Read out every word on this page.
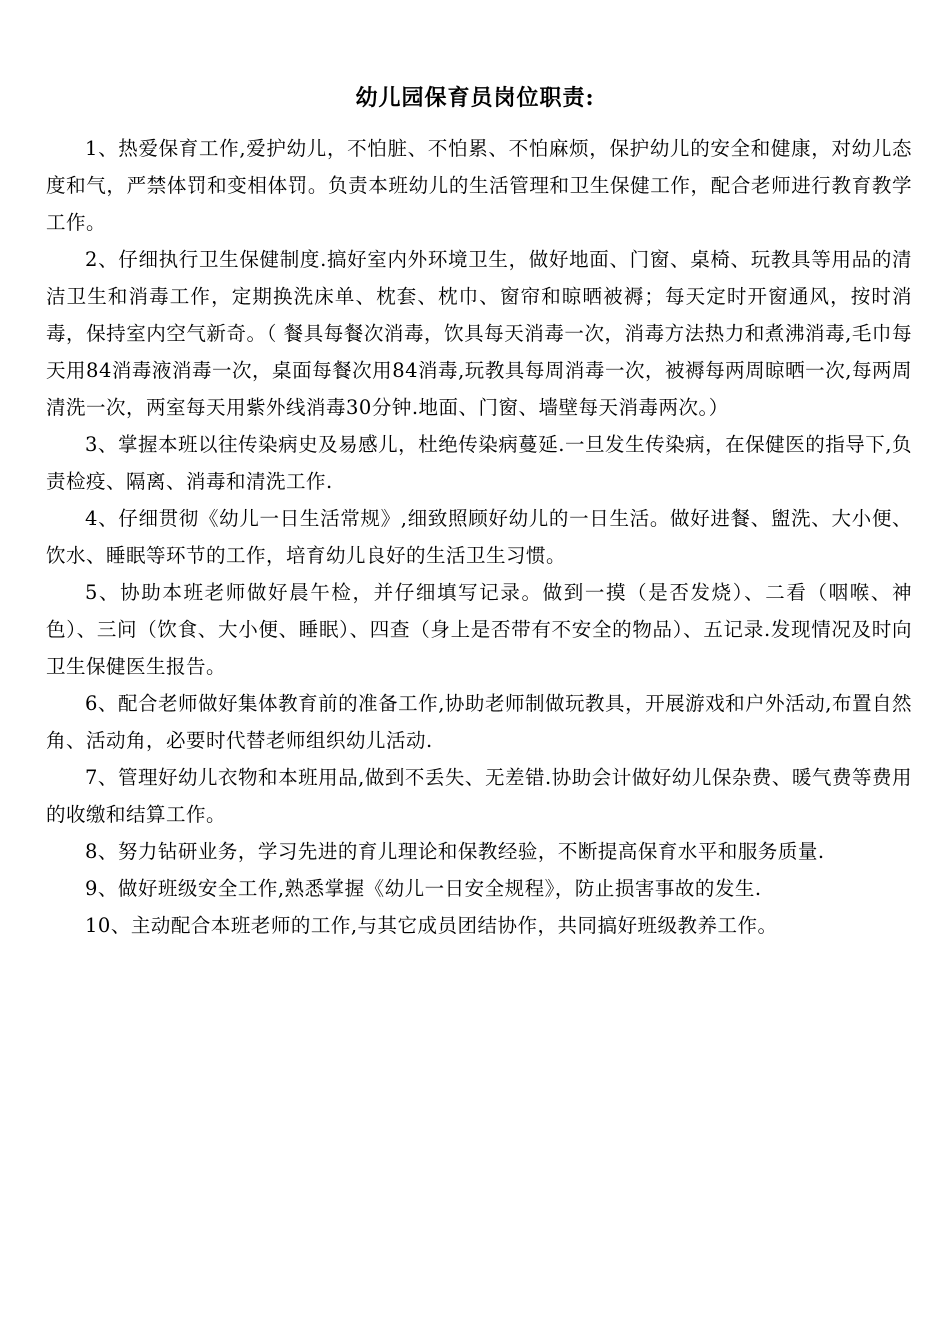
幼儿园保育员岗位职责:

1、热爱保育工作,爱护幼儿，不怕脏、不怕累、不怕麻烦，保护幼儿的安全和健康，对幼儿态度和气，严禁体罚和变相体罚。负责本班幼儿的生活管理和卫生保健工作，配合老师进行教育教学工作。

2、仔细执行卫生保健制度.搞好室内外环境卫生，做好地面、门窗、桌椅、玩教具等用品的清洁卫生和消毒工作，定期换洗床单、枕套、枕巾、窗帘和晾晒被褥；每天定时开窗通风，按时消毒，保持室内空气新奇。（ 餐具每餐次消毒，饮具每天消毒一次，消毒方法热力和煮沸消毒,毛巾每天用84消毒液消毒一次，桌面每餐次用84消毒,玩教具每周消毒一次，被褥每两周晾晒一次,每两周清洗一次，两室每天用紫外线消毒30分钟.地面、门窗、墙壁每天消毒两次。）

3、掌握本班以往传染病史及易感儿，杜绝传染病蔓延.一旦发生传染病，在保健医的指导下,负责检疫、隔离、消毒和清洗工作.

4、仔细贯彻《幼儿一日生活常规》,细致照顾好幼儿的一日生活。做好进餐、盥洗、大小便、饮水、睡眠等环节的工作，培育幼儿良好的生活卫生习惯。

5、协助本班老师做好晨午检，并仔细填写记录。做到一摸（是否发烧）、二看（咽喉、神色）、三问（饮食、大小便、睡眠）、四查（身上是否带有不安全的物品）、五记录.发现情况及时向卫生保健医生报告。

6、配合老师做好集体教育前的准备工作,协助老师制做玩教具，开展游戏和户外活动,布置自然角、活动角，必要时代替老师组织幼儿活动.

7、管理好幼儿衣物和本班用品,做到不丢失、无差错.协助会计做好幼儿保杂费、暖气费等费用的收缴和结算工作。

8、努力钻研业务，学习先进的育儿理论和保教经验，不断提高保育水平和服务质量.

9、做好班级安全工作,熟悉掌握《幼儿一日安全规程》，防止损害事故的发生.

10、主动配合本班老师的工作,与其它成员团结协作，共同搞好班级教养工作。
